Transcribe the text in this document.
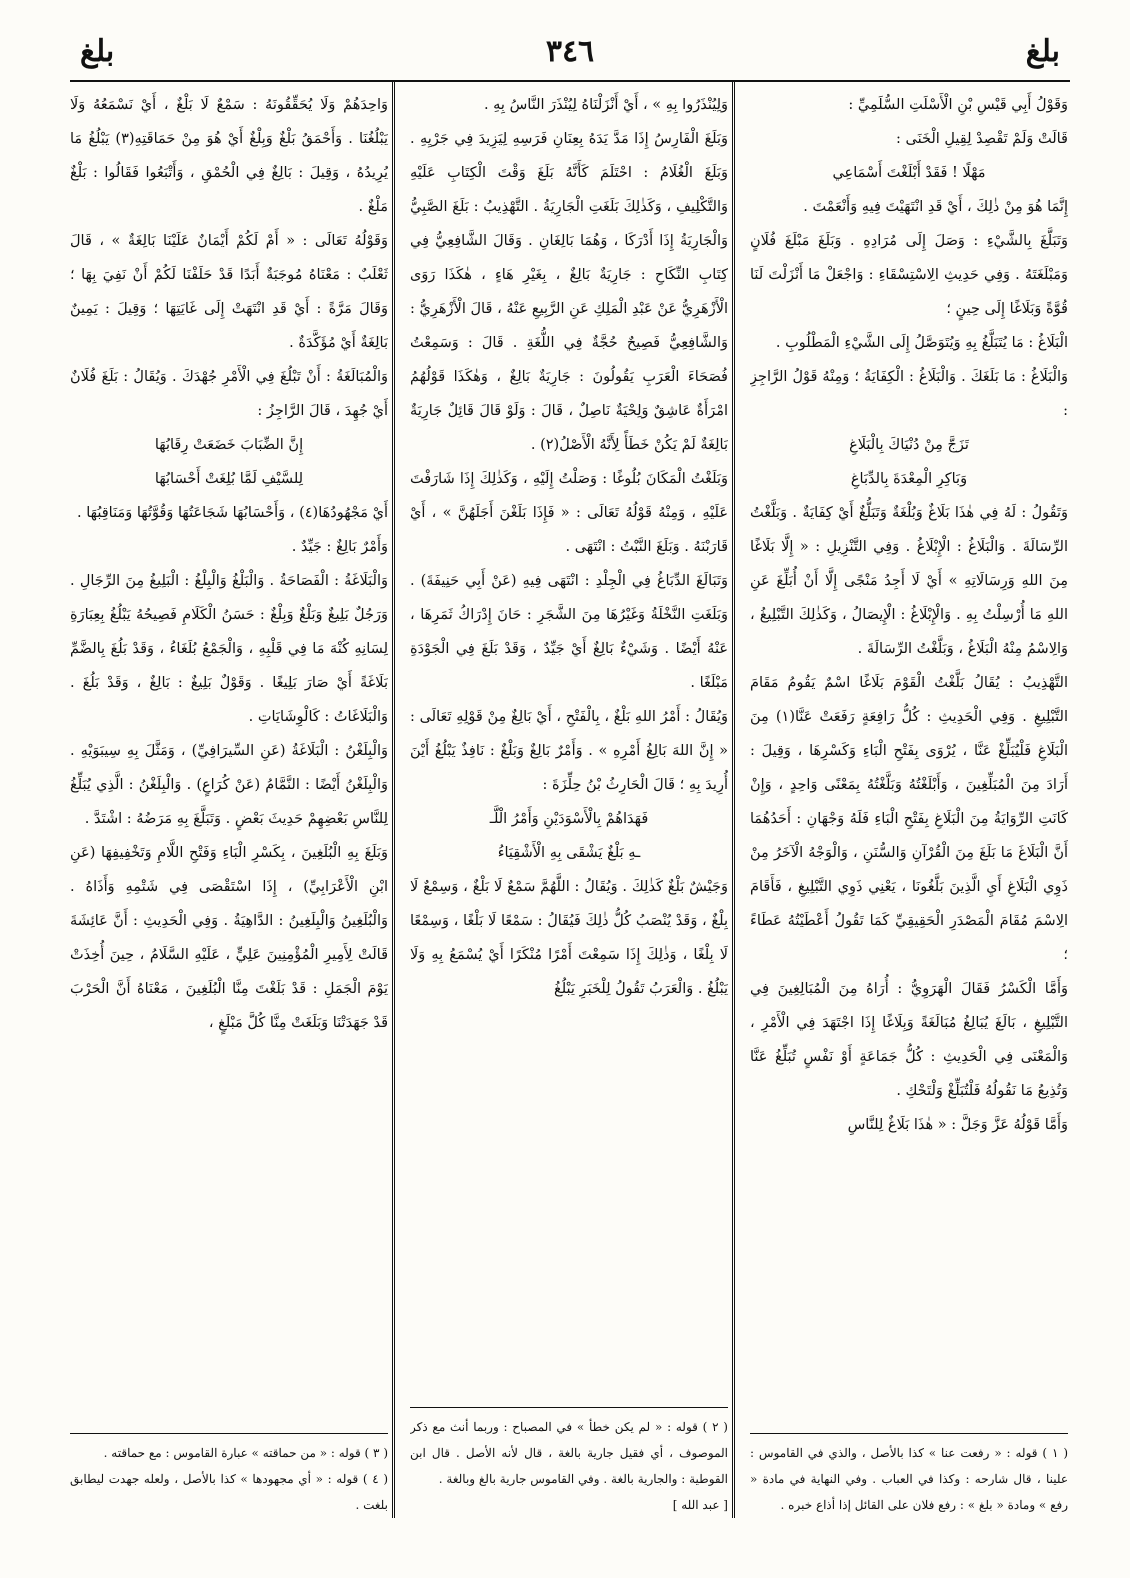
بلغ
٣٤٦
بلغ

وَقَوْلُ أَبِي قَيْسِ بْنِ الْأَسْلَتِ السُّلَمِيِّ :

قَالَتْ وَلَمْ تَقْصِدْ لِقِيلِ الْخَنَى :

مَهْلًا ! فَقَدْ أَبْلَغْتَ أَسْمَاعِي

إِنَّمَا هُوَ مِنْ ذٰلِكَ ، أَيْ قَدِ انْتَهَيْتَ فِيهِ وَأَنْعَمْتَ .

وَتَبَلَّغَ بِالشَّيْءِ : وَصَلَ إِلَى مُرَادِهِ . وَبَلَغَ مَبْلَغَ فُلَانٍ وَمَبْلَغَتَهُ . وَفِي حَدِيثِ الِاسْتِسْقَاءِ : وَاجْعَلْ مَا أَنْزَلْتَ لَنَا قُوَّةً وَبَلَاغًا إِلَى حِينٍ ؛

الْبَلَاغُ : مَا يُتَبَلَّغُ بِهِ وَيُتَوَصَّلُ إِلَى الشَّيْءِ الْمَطْلُوبِ .

وَالْبَلَاغُ : مَا بَلَغَكَ . وَالْبَلَاغُ : الْكِفَايَةُ ؛ وَمِنْهُ قَوْلُ الرَّاجِزِ :

تَزَجَّ مِنْ دُنْيَاكَ بِالْبَلَاغِ

وَبَاكِرِ الْمِعْدَةَ بِالدِّبَاغِ

وَتَقُولُ : لَهُ فِي هٰذَا بَلَاغٌ وَبُلْغَةٌ وَتَبَلُّغٌ أَيْ كِفَايَةٌ . وَبَلَّغْتُ الرِّسَالَةَ . وَالْبَلَاغُ : الْإِبْلَاغُ . وَفِي التَّنْزِيلِ : « إِلَّا بَلَاغًا مِنَ اللهِ وَرِسَالَاتِهِ » أَيْ لَا أَجِدُ مَنْجًى إِلَّا أَنْ أُبَلِّغَ عَنِ اللهِ مَا أُرْسِلْتُ بِهِ . وَالْإِبْلَاغُ : الْإِيصَالُ ، وَكَذٰلِكَ التَّبْلِيغُ ، وَالِاسْمُ مِنْهُ الْبَلَاغُ ، وَبَلَّغْتُ الرِّسَالَةَ .

التَّهْذِيبُ : يُقَالُ بَلَّغْتُ الْقَوْمَ بَلَاغًا اسْمٌ يَقُومُ مَقَامَ التَّبْلِيغِ . وَفِي الْحَدِيثِ : كُلُّ رَافِعَةٍ رَفَعَتْ عَنَّا(١) مِنَ الْبَلَاغِ فَلْيُبَلِّغْ عَنَّا ، يُرْوَى بِفَتْحِ الْبَاءِ وَكَسْرِهَا ، وَقِيلَ : أَرَادَ مِنَ الْمُبَلِّغِينَ ، وَأَبْلَغْتُهُ وَبَلَّغْتُهُ بِمَعْنًى وَاحِدٍ ، وَإِنْ كَانَتِ الرِّوَايَةُ مِنَ الْبَلَاغِ بِفَتْحِ الْبَاءِ فَلَهُ وَجْهَانِ : أَحَدُهُمَا أَنَّ الْبَلَاغَ مَا بَلَغَ مِنَ الْقُرْآنِ وَالسُّنَنِ ، وَالْوَجْهُ الْآخَرُ مِنْ ذَوِي الْبَلَاغِ أَيِ الَّذِينَ بَلَّغُونَا ، يَعْنِي ذَوِي التَّبْلِيغِ ، فَأَقَامَ الِاسْمَ مُقَامَ الْمَصْدَرِ الْحَقِيقِيِّ كَمَا تَقُولُ أَعْطَيْتُهُ عَطَاءً ؛

وَأَمَّا الْكَسْرُ فَقَالَ الْهَرَوِيُّ : أُرَاهُ مِنَ الْمُبَالِغِينَ فِي التَّبْلِيغِ ، بَالَغَ يُبَالِغُ مُبَالَغَةً وَبِلَاغًا إِذَا اجْتَهَدَ فِي الْأَمْرِ ، وَالْمَعْنَى فِي الْحَدِيثِ : كُلُّ جَمَاعَةٍ أَوْ نَفْسٍ تُبَلِّغُ عَنَّا وَتُذِيعُ مَا نَقُولُهُ فَلْتُبَلِّغْ وَلْتَحْكِ .

وَأَمَّا قَوْلُهُ عَزَّ وَجَلَّ : « هٰذَا بَلَاغٌ لِلنَّاسِ

( ١ ) قوله : « رفعت عنا » كذا بالأصل ، والذي في القاموس : علينا ، قال شارحه : وكذا في العباب . وفي النهاية في مادة « رفع » ومادة « بلغ » : رفع فلان على القائل إذا أذاع خبره .

وَلِيُنْذَرُوا بِهِ » ، أَيْ أَنْزَلْنَاهُ لِيُنْذَرَ النَّاسُ بِهِ .

وَبَلَغَ الْفَارِسُ إِذَا مَدَّ يَدَهُ بِعِنَانِ فَرَسِهِ لِيَزِيدَ فِي جَرْيِهِ . وَبَلَغَ الْغُلَامُ : احْتَلَمَ كَأَنَّهُ بَلَغَ وَقْتَ الْكِتَابِ عَلَيْهِ وَالتَّكْلِيفِ ، وَكَذٰلِكَ بَلَغَتِ الْجَارِيَةُ . التَّهْذِيبُ : بَلَغَ الصَّبِيُّ وَالْجَارِيَةُ إِذَا أَدْرَكَا ، وَهُمَا بَالِغَانِ . وَقَالَ الشَّافِعِيُّ فِي كِتَابِ النِّكَاحِ : جَارِيَةٌ بَالِغٌ ، بِغَيْرِ هَاءٍ ، هٰكَذَا رَوَى الْأَزْهَرِيُّ عَنْ عَبْدِ الْمَلِكِ عَنِ الرَّبِيعِ عَنْهُ ، قَالَ الْأَزْهَرِيُّ : وَالشَّافِعِيُّ فَصِيحٌ حُجَّةٌ فِي اللُّغَةِ . قَالَ : وَسَمِعْتُ فُصَحَاءَ الْعَرَبِ يَقُولُونَ : جَارِيَةٌ بَالِغٌ ، وَهٰكَذَا قَوْلُهُمُ امْرَأَةٌ عَاشِقٌ وَلِحْيَةٌ نَاصِلٌ ، قَالَ : وَلَوْ قَالَ قَائِلٌ جَارِيَةٌ بَالِغَةٌ لَمْ يَكُنْ خَطَأً لِأَنَّهُ الْأَصْلُ(٢) .

وَبَلَغْتُ الْمَكَانَ بُلُوغًا : وَصَلْتُ إِلَيْهِ ، وَكَذٰلِكَ إِذَا شَارَفْتَ عَلَيْهِ ، وَمِنْهُ قَوْلُهُ تَعَالَى : « فَإِذَا بَلَغْنَ أَجَلَهُنَّ » ، أَيْ قَارَبْنَهُ . وَبَلَغَ النَّبْتُ : انْتَهَى .

وَتَبَالَغَ الدِّبَاغُ فِي الْجِلْدِ : انْتَهَى فِيهِ (عَنْ أَبِي حَنِيفَةَ) . وَبَلَغَتِ النَّخْلَةُ وَغَيْرُهَا مِنَ الشَّجَرِ : حَانَ إِدْرَاكُ ثَمَرِهَا ، عَنْهُ أَيْضًا . وَشَيْءٌ بَالِغٌ أَيْ جَيِّدٌ ، وَقَدْ بَلَغَ فِي الْجَوْدَةِ مَبْلَغًا .

وَيُقَالُ : أَمْرُ اللهِ بَلْغٌ ، بِالْفَتْحِ ، أَيْ بَالِغٌ مِنْ قَوْلِهِ تَعَالَى : « إِنَّ اللهَ بَالِغُ أَمْرِهِ » . وَأَمْرٌ بَالِغٌ وَبَلْغٌ : نَافِذٌ يَبْلُغُ أَيْنَ أُرِيدَ بِهِ ؛ قَالَ الْحَارِثُ بْنُ حِلِّزَةَ :

فَهَدَاهُمْ بِالْأَسْوَدَيْنِ وَأَمْرُ الْلَّـ

ـهِ بَلْغٌ يَشْقَى بِهِ الْأَشْقِيَاءُ

وَجَيْشٌ بَلْغٌ كَذٰلِكَ . وَيُقَالُ : اللَّهُمَّ سَمْعٌ لَا بَلْغٌ ، وَسِمْعٌ لَا بِلْغٌ ، وَقَدْ يُنْصَبُ كُلُّ ذٰلِكَ فَيُقَالُ : سَمْعًا لَا بَلْغًا ، وَسِمْعًا لَا بِلْغًا ، وَذٰلِكَ إِذَا سَمِعْتَ أَمْرًا مُنْكَرًا أَيْ يُسْمَعُ بِهِ وَلَا يَبْلُغُ . وَالْعَرَبُ تَقُولُ لِلْخَبَرِ يَبْلُغُ

( ٢ ) قوله : « لم يكن خطأ » في المصباح : وربما أنث مع ذكر الموصوف ، أي فقيل جارية بالغة ، قال لأنه الأصل . قال ابن القوطية : والجارية بالغة . وفي القاموس جارية بالغ وبالغة .

[ عبد الله ]

وَاحِدَهُمْ وَلَا يُحَقِّقُونَهُ : سَمْعٌ لَا بَلْغٌ ، أَيْ نَسْمَعُهُ وَلَا يَبْلُغُنَا . وَأَحْمَقُ بَلْغٌ وَبِلْغٌ أَيْ هُوَ مِنْ حَمَاقَتِهِ(٣) يَبْلُغُ مَا يُرِيدُهُ ، وَقِيلَ : بَالِغٌ فِي الْحُمْقِ ، وَأَتْبَعُوا فَقَالُوا : بَلْغٌ مَلْغٌ .

وَقَوْلُهُ تَعَالَى : « أَمْ لَكُمْ أَيْمَانٌ عَلَيْنَا بَالِغَةٌ » ، قَالَ ثَعْلَبٌ : مَعْنَاهُ مُوجَبَةٌ أَبَدًا قَدْ حَلَفْنَا لَكُمْ أَنْ نَفِيَ بِهَا ؛ وَقَالَ مَرَّةً : أَيْ قَدِ انْتَهَتْ إِلَى غَايَتِهَا ؛ وَقِيلَ : يَمِينٌ بَالِغَةٌ أَيْ مُؤَكَّدَةٌ .

وَالْمُبَالَغَةُ : أَنْ تَبْلُغَ فِي الْأَمْرِ جُهْدَكَ . وَيُقَالُ : بَلَغَ فُلَانٌ أَيْ جُهِدَ ، قَالَ الرَّاجِزُ :

إِنَّ الضِّبَابَ خَضَعَتْ رِقَابُهَا

لِلسَّيْفِ لَمَّا بُلِغَتْ أَحْسَابُهَا

أَيْ مَجْهُودُهَا(٤) ، وَأَحْسَابُهَا شَجَاعَتُهَا وَقُوَّتُهَا وَمَنَاقِبُهَا .

وَأَمْرٌ بَالِغٌ : جَيِّدٌ .

وَالْبَلَاغَةُ : الْفَصَاحَةُ . وَالْبَلْغُ وَالْبِلْغُ : الْبَلِيغُ مِنَ الرِّجَالِ . وَرَجُلٌ بَلِيغٌ وَبَلْغٌ وَبِلْغٌ : حَسَنُ الْكَلَامِ فَصِيحُهُ يَبْلُغُ بِعِبَارَةِ لِسَانِهِ كُنْهَ مَا فِي قَلْبِهِ ، وَالْجَمْعُ بُلَغَاءُ ، وَقَدْ بَلُغَ بِالضَّمِّ بَلَاغَةً أَيْ صَارَ بَلِيغًا . وَقَوْلٌ بَلِيغٌ : بَالِغٌ ، وَقَدْ بَلُغَ . وَالْبَلَاغَاتُ : كَالْوِشَايَاتِ .

وَالْبِلَغْنُ : الْبَلَاغَةُ (عَنِ السِّيرَافِيِّ) ، وَمَثَّلَ بِهِ سِيبَوَيْهِ . وَالْبِلَغْنُ أَيْضًا : النَّمَّامُ (عَنْ كُرَاعٍ) . وَالْبِلَغْنُ : الَّذِي يُبَلِّغُ لِلنَّاسِ بَعْضِهِمْ حَدِيثَ بَعْضٍ . وَتَبَلَّغَ بِهِ مَرَضُهُ : اشْتَدَّ .

وَبَلَغَ بِهِ الْبُلَغِينَ ، بِكَسْرِ الْبَاءِ وَفَتْحِ اللَّامِ وَتَخْفِيفِهَا (عَنِ ابْنِ الْأَعْرَابِيِّ) ، إِذَا اسْتَقْصَى فِي شَتْمِهِ وَأَذَاهُ . وَالْبُلَغِينُ وَالْبِلَغِينُ : الدَّاهِيَةُ . وَفِي الْحَدِيثِ : أَنَّ عَائِشَةَ قَالَتْ لِأَمِيرِ الْمُؤْمِنِينَ عَلِيٍّ ، عَلَيْهِ السَّلَامُ ، حِينَ أُخِذَتْ يَوْمَ الْجَمَلِ : قَدْ بَلَغْتَ مِنَّا الْبُلَغِينَ ، مَعْنَاهُ أَنَّ الْحَرْبَ قَدْ جَهَدَتْنَا وَبَلَغَتْ مِنَّا كُلَّ مَبْلَغٍ ،

( ٣ ) قوله : « من حماقته » عبارة القاموس : مع حماقته .

( ٤ ) قوله : « أي مجهودها » كذا بالأصل ، ولعله جهدت ليطابق بلغت .
